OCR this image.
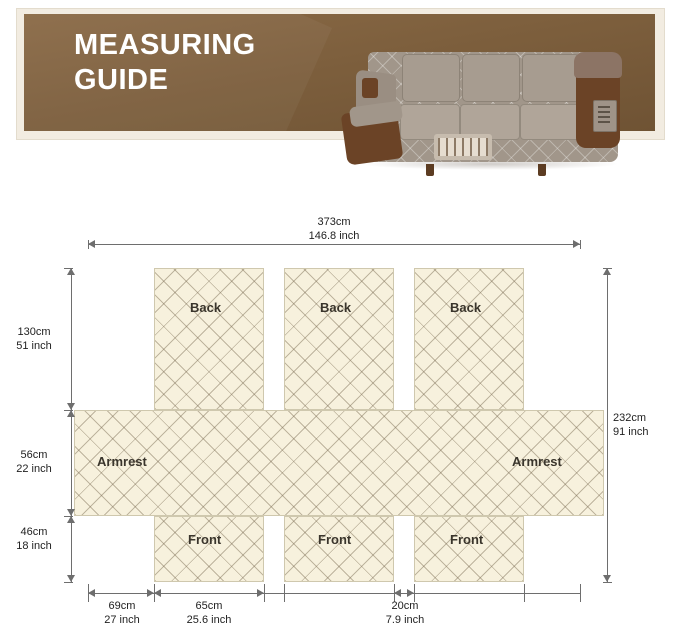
MEASURING
GUIDE
Back	Back	Back
Armrest	Armrest
Front	Front	Front
373cm
146.8 inch
130cm
51 inch
56cm
22 inch
46cm
18 inch
232cm
91 inch
69cm
27 inch
65cm
25.6 inch
20cm
7.9 inch
